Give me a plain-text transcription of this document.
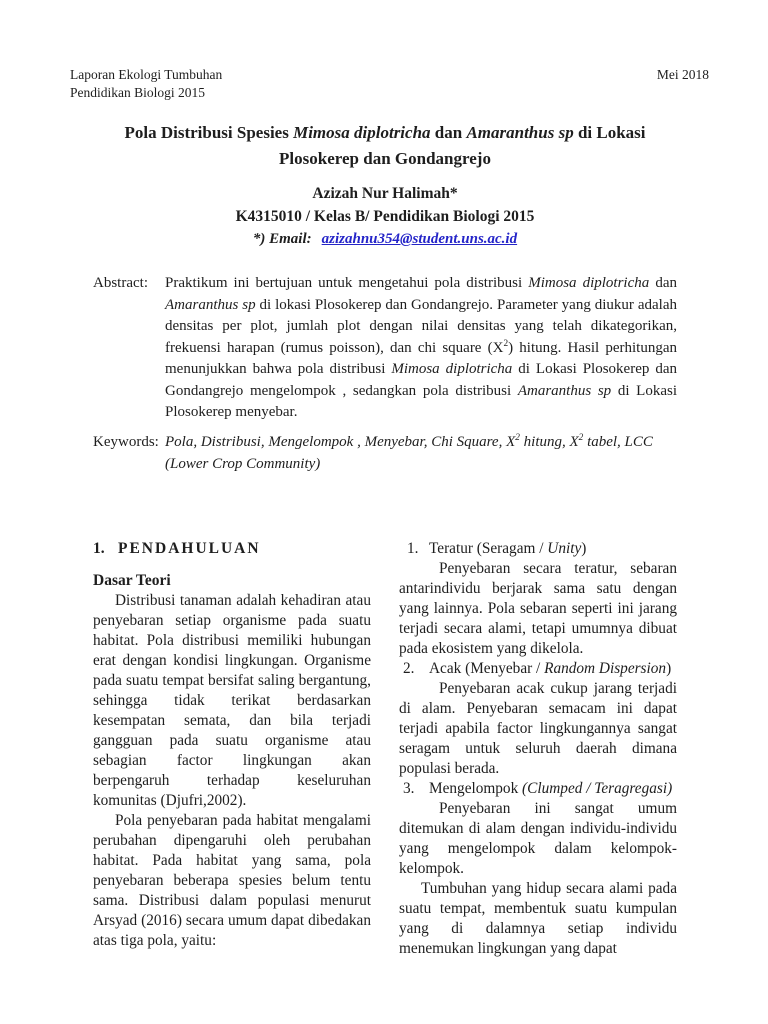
Laporan Ekologi Tumbuhan
Pendidikan Biologi 2015
Mei 2018
Pola Distribusi Spesies Mimosa diplotricha dan Amaranthus sp di Lokasi
Plosokerep dan Gondangrejo
Azizah Nur Halimah*
K4315010 / Kelas B/ Pendidikan Biologi 2015
*) Email: azizahnu354@student.uns.ac.id
Abstract:	Praktikum ini bertujuan untuk mengetahui pola distribusi Mimosa diplotricha dan Amaranthus sp di lokasi Plosokerep dan Gondangrejo. Parameter yang diukur adalah densitas per plot, jumlah plot dengan nilai densitas yang telah dikategorikan, frekuensi harapan (rumus poisson), dan chi square $(X^2)$ hitung. Hasil perhitungan menunjukkan bahwa pola distribusi Mimosa diplotricha di Lokasi Plosokerep dan Gondangrejo mengelompok , sedangkan pola distribusi Amaranthus sp di Lokasi Plosokerep menyebar.
Keywords: Pola, Distribusi, Mengelompok , Menyebar, Chi Square, $X^2$ hitung, $X^2$ tabel, LCC (Lower Crop Community)
1. PENDAHULUAN
Dasar Teori

Distribusi tanaman adalah kehadiran atau penyebaran setiap organisme pada suatu habitat. Pola distribusi memiliki hubungan erat dengan kondisi lingkungan. Organisme pada suatu tempat bersifat saling bergantung, sehingga tidak terikat berdasarkan kesempatan semata, dan bila terjadi gangguan pada suatu organisme atau sebagian factor lingkungan akan berpengaruh terhadap keseluruhan komunitas (Djufri,2002).

Pola penyebaran pada habitat mengalami perubahan dipengaruhi oleh perubahan habitat. Pada habitat yang sama, pola penyebaran beberapa spesies belum tentu sama. Distribusi dalam populasi menurut Arsyad (2016) secara umum dapat dibedakan atas tiga pola, yaitu:

1. Teratur (Seragam / Unity)

Penyebaran secara teratur, sebaran antarindividu berjarak sama satu dengan yang lainnya. Pola sebaran seperti ini jarang terjadi secara alami, tetapi umumnya dibuat pada ekosistem yang dikelola.

2. Acak (Menyebar / Random Dispersion)

Penyebaran acak cukup jarang terjadi di alam. Penyebaran semacam ini dapat terjadi apabila factor lingkungannya sangat seragam untuk seluruh daerah dimana populasi berada.

3. Mengelompok (Clumped / Teragregasi)

Penyebaran ini sangat umum ditemukan di alam dengan individu-individu yang mengelompok dalam kelompok-kelompok.

Tumbuhan yang hidup secara alami pada suatu tempat, membentuk suatu kumpulan yang di dalamnya setiap individu menemukan lingkungan yang dapat
